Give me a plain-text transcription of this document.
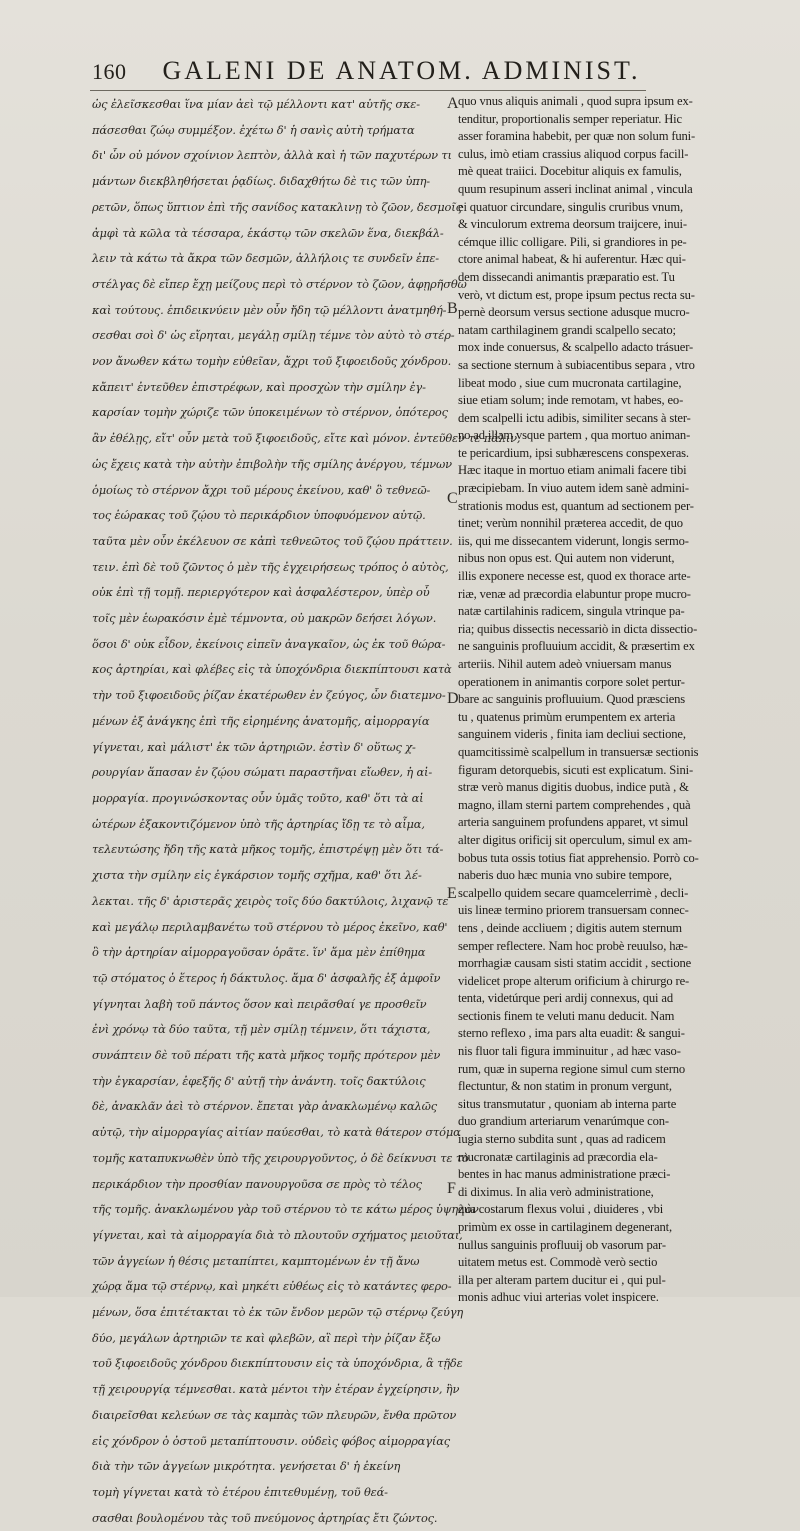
160 GALENI DE ANATOM. ADMINIST.
ὡς ἐλεῖσκεσθαι ἵνα μίαν ἀεὶ τῷ μέλλοντι κατ' αὐτῆς σκε-
πάσεσθαι ζώῳ συμμέξον. ἐχέτω δ' ἡ σανὶς αὐτὴ τρήματα
δι' ὧν οὐ μόνον σχοίνιον λεπτὸν, ἀλλὰ καὶ ἡ τῶν παχυτέρων τι
μάντων διεκβληθήσεται ῥᾳδίως. διδαχθήτω δὲ τις τῶν ὑπη-
ρετῶν, ὅπως ὕπτιον ἐπὶ τῆς σανίδος κατακλινῃ τὸ ζῶον, δεσμοῖς
ἀμφὶ τὰ κῶλα τὰ τέσσαρα, ἑκάστῳ τῶν σκελῶν ἕνα, διεκβάλ-
λειν τὰ κάτω τὰ ἄκρα τῶν δεσμῶν, ἀλλήλοις τε συνδεῖν ἐπε-
στέλγας δὲ εἴπερ ἔχῃ μείζους περὶ τὸ στέρνον τὸ ζῶον, ἀφῃρῆσθω
καὶ τούτους. ἐπιδεικνύειν μὲν οὖν ἤδη τῷ μέλλοντι ἀνατμηθή-
σεσθαι σοὶ δ' ὡς εἴρηται, μεγάλῃ σμίλῃ τέμνε τὸν αὐτὸ τὸ στέρ-
νον ἄνωθεν κάτω τομὴν εὐθεῖαν, ἄχρι τοῦ ξιφοειδοῦς χόνδρου.
κἄπειτ' ἐντεῦθεν ἐπιστρέφων, καὶ προσχὼν τὴν σμίλην ἐγ-
καρσίαν τομὴν χώριζε τῶν ὑποκειμένων τὸ στέρνον, ὁπότερος
ἂν ἐθέλῃς, εἴτ' οὖν μετὰ τοῦ ξιφοειδοῦς, εἴτε καὶ μόνον. ἐντεῦθεν τε πάλιν,
ὡς ἔχεις κατὰ τὴν αὐτὴν ἐπιβολὴν τῆς σμίλης ἀνέργου, τέμνων
ὁμοίως τὸ στέρνον ἄχρι τοῦ μέρους ἐκείνου, καθ' ὃ τεθνεῶ-
τος ἑώρακας τοῦ ζῴου τὸ περικάρδιον ὑποφυόμενον αὐτῷ.
ταῦτα μὲν οὖν ἐκέλευον σε κἀπὶ τεθνεῶτος τοῦ ζῴου πράττειν.
τειν. ἐπὶ δὲ τοῦ ζῶντος ὁ μὲν τῆς ἐγχειρήσεως τρόπος ὁ αὐτὸς,
οὐκ ἐπὶ τῇ τομῇ. περιεργότερον καὶ ἀσφαλέστερον, ὑπὲρ οὗ
τοῖς μὲν ἑωρακόσιν ἐμὲ τέμνοντα, οὐ μακρῶν δεήσει λόγων.
ὅσοι δ' οὐκ εἶδον, ἐκείνοις εἰπεῖν ἀναγκαῖον, ὡς ἐκ τοῦ θώρα-
κος ἀρτηρίαι, καὶ φλέβες εἰς τὰ ὑποχόνδρια διεκπίπτουσι κατὰ
τὴν τοῦ ξιφοειδοῦς ῥίζαν ἑκατέρωθεν ἐν ζεύγος, ὧν διατεμνο-
μένων ἐξ ἀνάγκης ἐπὶ τῆς εἰρημένης ἀνατομῆς, αἱμορραγία
γίγνεται, καὶ μάλιστ' ἐκ τῶν ἀρτηριῶν. ἐστὶν δ' οὕτως χ-
ρουργίαν ἅπασαν ἐν ζῴου σώματι παραστῆναι εἴωθεν, ἡ αἱ-
μορραγία. προγινώσκοντας οὖν ὑμᾶς τοῦτο, καθ' ὅτι τὰ αἱ
ὠτέρων ἐξακοντιζόμενον ὑπὸ τῆς ἀρτηρίας ἴδῃ τε τὸ αἷμα,
τελευτώσης ἤδη τῆς κατὰ μῆκος τομῆς, ἐπιστρέψῃ μὲν ὅτι τά-
χιστα τὴν σμίλην εἰς ἐγκάρσιον τομῆς σχῆμα, καθ' ὅτι λέ-
λεκται. τῆς δ' ἀριστερᾶς χειρὸς τοῖς δύο δακτύλοις, λιχανῷ τε
καὶ μεγάλῳ περιλαμβανέτω τοῦ στέρνου τὸ μέρος ἐκεῖνο, καθ'
ὃ τὴν ἀρτηρίαν αἱμορραγοῦσαν ὁρᾶτε. ἵν' ἅμα μὲν ἐπίθημα
τῷ στόματος ὁ ἕτερος ἡ δάκτυλος. ἅμα δ' ἀσφαλῆς ἐξ ἀμφοῖν
γίγνηται λαβὴ τοῦ πάντος ὅσον καὶ πειρᾶσθαί γε προσθεῖν
ἐνὶ χρόνῳ τὰ δύο ταῦτα, τῇ μὲν σμίλῃ τέμνειν, ὅτι τάχιστα,
συνάπτειν δὲ τοῦ πέρατι τῆς κατὰ μῆκος τομῆς πρότερον μὲν
τὴν ἐγκαρσίαν, ἐφεξῆς δ' αὐτῇ τὴν ἀνάντη. τοῖς δακτύλοις
δὲ, ἀνακλᾶν ἀεὶ τὸ στέρνον. ἔπεται γὰρ ἀνακλωμένῳ καλῶς
αὐτῷ, τὴν αἱμορραγίας αἰτίαν παύεσθαι, τὸ κατὰ θάτερον στόμα
τομῆς καταπυκνωθὲν ὑπὸ τῆς χειρουργοῦντος, ὁ δὲ δείκνυσι τε τὸ
περικάρδιον τὴν προσθίαν πανουργοῦσα σε πρὸς τὸ τέλος
τῆς τομῆς. ἀνακλωμένου γὰρ τοῦ στέρνου τὸ τε κάτω μέρος ὑψηλὸν
γίγνεται, καὶ τὰ αἱμορραγία διὰ τὸ πλουτοῦν σχήματος μειοῦται,
τῶν ἀγγείων ἡ θέσις μεταπίπτει, καμπτομένων ἐν τῇ ἄνω
χώρᾳ ἅμα τῷ στέρνῳ, καὶ μηκέτι εὐθέως εἰς τὸ κατάντες φερο-
μένων, ὅσα ἐπιτέτακται τὸ ἐκ τῶν ἔνδον μερῶν τῷ στέρνῳ ζεύγη
δύο, μεγάλων ἀρτηριῶν τε καὶ φλεβῶν, αἳ περὶ τὴν ῥίζαν ἔξω
τοῦ ξιφοειδοῦς χόνδρου διεκπίπτουσιν εἰς τὰ ὑποχόνδρια, ἃ τῇδε
τῇ χειρουργίᾳ τέμνεσθαι. κατὰ μέντοι τὴν ἑτέραν ἐγχείρησιν, ἣν
διαιρεῖσθαι κελεύων σε τὰς καμπὰς τῶν πλευρῶν, ἔνθα πρῶτον
εἰς χόνδρον ὁ ὀστοῦ μεταπίπτουσιν. οὐδεὶς φόβος αἱμορραγίας
διὰ τὴν τῶν ἀγγείων μικρότητα. γενήσεται δ' ἡ ἐκείνη
τομὴ γίγνεται κατὰ τὸ ἑτέρου ἐπιτεθυμένῃ, τοῦ θεά-
σασθαι βουλομένου τὰς τοῦ πνεύμονος ἀρτηρίας ἔτι ζώντος.
A
B
C
D
E
F
quo vnus aliquis animali , quod supra ipsum ex-
tenditur, proportionalis semper reperiatur. Hic
asser foramina habebit, per quæ non solum funi-
culus, imò etiam crassius aliquod corpus facill-
mè queat traiici. Docebitur aliquis ex famulis,
quum resupinum asseri inclinat animal , vincula
ei quatuor circundare, singulis cruribus vnum,
& vinculorum extrema deorsum traijcere, inui-
cémque illic colligare. Pili, si grandiores in pe-
ctore animal habeat, & hi auferentur. Hæc qui-
dem dissecandi animantis præparatio est. Tu
verò, vt dictum est, prope ipsum pectus recta su-
pernè deorsum versus sectione adusque mucro-
natam carthilaginem grandi scalpello secato;
mox inde conuersus, & scalpello adacto trásuer-
sa sectione sternum à subiacentibus separa , vtro
libeat modo , siue cum mucronata cartilagine,
siue etiam solum; inde remotam, vt habes, eo-
dem scalpelli ictu adibis, similiter secans à ster-
no ad illam vsque partem , qua mortuo animan-
te pericardium, ipsi subhærescens conspexeras.
Hæc itaque in mortuo etiam animali facere tibi
præcipiebam. In viuo autem idem sanè admini-
strationis modus est, quantum ad sectionem per-
tinet; verùm nonnihil præterea accedit, de quo
iis, qui me dissecantem viderunt, longis sermo-
nibus non opus est. Qui autem non viderunt,
illis exponere necesse est, quod ex thorace arte-
riæ, venæ ad præcordia elabuntur prope mucro-
natæ cartilahinis radicem, singula vtrinque pa-
ria; quibus dissectis necessariò in dicta dissectio-
ne sanguinis profluuium accidit, & præsertim ex
arteriis. Nihil autem adeò vniuersam manus
operationem in animantis corpore solet pertur-
bare ac sanguinis profluuium. Quod præsciens
tu , quatenus primùm erumpentem ex arteria
sanguinem videris , finita iam decliui sectione,
quamcitissimè scalpellum in transuersæ sectionis
figuram detorquebis, sicuti est explicatum. Sini-
stræ verò manus digitis duobus, indice putà , &
magno, illam sterni partem comprehendes , quà
arteria sanguinem profundens apparet, vt simul
alter digitus orificij sit operculum, simul ex am-
bobus tuta ossis totius fiat apprehensio. Porrò co-
naberis duo hæc munia vno subire tempore,
scalpello quidem secare quamcelerrimè , decli-
uis lineæ termino priorem transuersam connec-
tens , deinde accliuem ; digitis autem sternum
semper reflectere. Nam hoc probè reuulso, hæ-
morrhagiæ causam sisti statim accidit , sectione
videlicet prope alterum orificium à chirurgo re-
tenta, videtúrque peri ardij connexus, qui ad
sectionis finem te veluti manu deducit. Nam
sterno reflexo , ima pars alta euadit: & sangui-
nis fluor tali figura imminuitur , ad hæc vaso-
rum, quæ in superna regione simul cum sterno
flectuntur, & non statim in pronum vergunt,
situs transmutatur , quoniam ab interna parte
duo grandium arteriarum venarúmque con-
iugia sterno subdita sunt , quas ad radicem
mucronatæ cartilaginis ad præcordia ela-
bentes in hac manus administratione præci-
di diximus. In alia verò administratione,
qua costarum flexus volui , diuideres , vbi
primùm ex osse in cartilaginem degenerant,
nullus sanguinis profluuij ob vasorum par-
uitatem metus est. Commodè verò sectio
illa per alteram partem ducitur ei , qui pul-
monis adhuc viui arterias volet inspicere.
